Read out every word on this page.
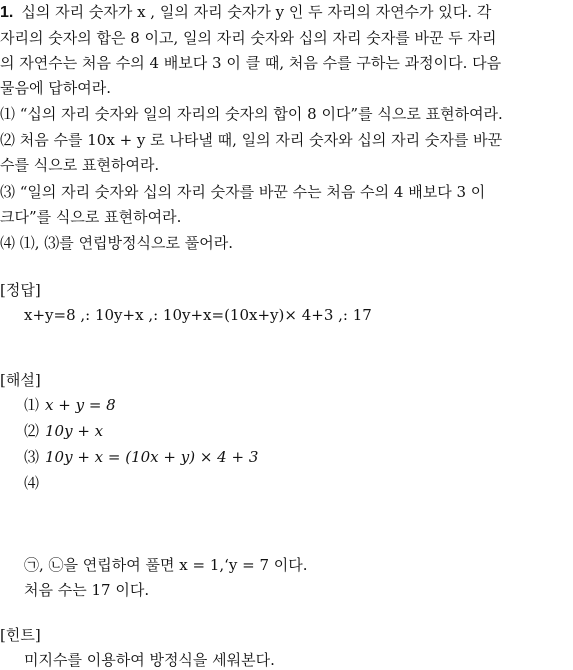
1. 십의 자리 숫자가 x , 일의 자리 숫자가 y 인 두 자리의 자연수가 있다. 각
자리의 숫자의 합은 8 이고, 일의 자리 숫자와 십의 자리 숫자를 바꾼 두 자리
의 자연수는 처음 수의 4 배보다 3 이 클 때, 처음 수를 구하는 과정이다. 다음
물음에 답하여라.
⑴ “십의 자리 숫자와 일의 자리의 숫자의 합이 8 이다”를 식으로 표현하여라.
⑵ 처음 수를 10x + y 로 나타낼 때, 일의 자리 숫자와 십의 자리 숫자를 바꾼
수를 식으로 표현하여라.
⑶ “일의 자리 숫자와 십의 자리 숫자를 바꾼 수는 처음 수의 4 배보다 3 이
크다”를 식으로 표현하여라.
⑷ ⑴, ⑶를 연립방정식으로 풀어라.
[정답]
x+y=8 ,: 10y+x ,: 10y+x=(10x+y)× 4+3 ,: 17
[해설]
⑴ x + y = 8
⑵ 10y + x
⑶ 10y + x = (10x + y) × 4 + 3
⑷
㉠, ㉡을 연립하여 풀면 x = 1,‘y = 7 이다.
처음 수는 17 이다.
[힌트]
미지수를 이용하여 방정식을 세워본다.
